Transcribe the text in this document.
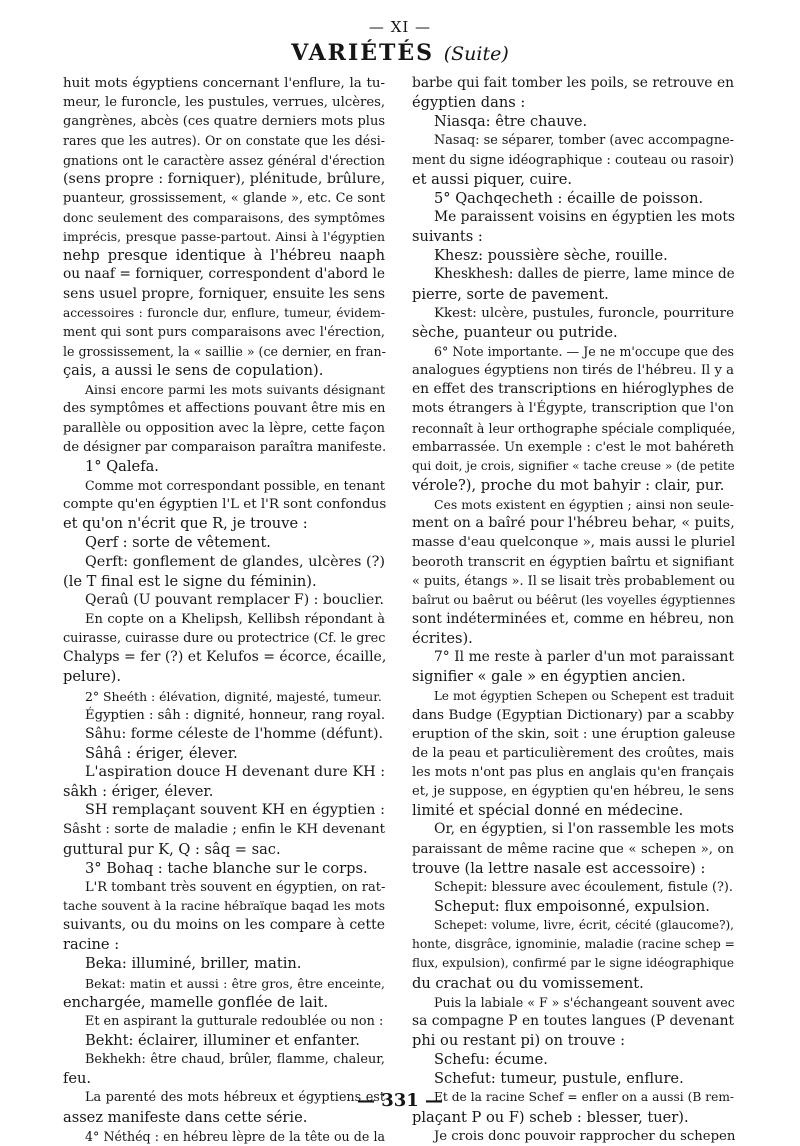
— XI —
VARIÉTÉS (Suite)
huit mots égyptiens concernant l'enflure, la tu-
meur, le furoncle, les pustules, verrues, ulcères,
gangrènes, abcès (ces quatre derniers mots plus
rares que les autres). Or on constate que les dési-
gnations ont le caractère assez général d'érection
(sens propre : forniquer), plénitude, brûlure,
puanteur, grossissement, « glande », etc. Ce sont
donc seulement des comparaisons, des symptômes
imprécis, presque passe-partout. Ainsi à l'égyptien
nehp presque identique à l'hébreu naaph
ou naaf = forniquer, correspondent d'abord le
sens usuel propre, forniquer, ensuite les sens
accessoires : furoncle dur, enflure, tumeur, évidem-
ment qui sont purs comparaisons avec l'érection,
le grossissement, la « saillie » (ce dernier, en fran-
çais, a aussi le sens de copulation).
Ainsi encore parmi les mots suivants désignant
des symptômes et affections pouvant être mis en
parallèle ou opposition avec la lèpre, cette façon
de désigner par comparaison paraîtra manifeste.
1° Qalefa.
Comme mot correspondant possible, en tenant
compte qu'en égyptien l'L et l'R sont confondus
et qu'on n'écrit que R, je trouve :
Qerf : sorte de vêtement.
Qerft: gonflement de glandes, ulcères (?)
(le T final est le signe du féminin).
Qeraû (U pouvant remplacer F) : bouclier.
En copte on a Khelipsh, Kellibsh répondant à
cuirasse, cuirasse dure ou protectrice (Cf. le grec
Chalyps = fer (?) et Kelufos = écorce, écaille,
pelure).
2° Sheéth : élévation, dignité, majesté, tumeur.
Égyptien : sâh : dignité, honneur, rang royal.
Sâhu: forme céleste de l'homme (défunt).
Sâhâ : ériger, élever.
L'aspiration douce H devenant dure KH :
sâkh : ériger, élever.
SH remplaçant souvent KH en égyptien :
Sâsht : sorte de maladie ; enfin le KH devenant
guttural pur K, Q : sâq = sac.
3° Bohaq : tache blanche sur le corps.
L'R tombant très souvent en égyptien, on rat-
tache souvent à la racine hébraïque baqad les mots
suivants, ou du moins on les compare à cette
racine :
Beka: illuminé, briller, matin.
Bekat: matin et aussi : être gros, être enceinte,
enchargée, mamelle gonflée de lait.
Et en aspirant la gutturale redoublée ou non :
Bekht: éclairer, illuminer et enfanter.
Bekhekh: être chaud, brûler, flamme, chaleur,
feu.
La parenté des mots hébreux et égyptiens est
assez manifeste dans cette série.
4° Néthéq : en hébreu lèpre de la tête ou de la
barbe qui fait tomber les poils, se retrouve en
égyptien dans :
Niasqa: être chauve.
Nasaq: se séparer, tomber (avec accompagne-
ment du signe idéographique : couteau ou rasoir)
et aussi piquer, cuire.
5° Qachqecheth : écaille de poisson.
Me paraissent voisins en égyptien les mots
suivants :
Khesz: poussière sèche, rouille.
Kheskhesh: dalles de pierre, lame mince de
pierre, sorte de pavement.
Kkest: ulcère, pustules, furoncle, pourriture
sèche, puanteur ou putride.
6° Note importante. — Je ne m'occupe que des
analogues égyptiens non tirés de l'hébreu. Il y a
en effet des transcriptions en hiéroglyphes de
mots étrangers à l'Égypte, transcription que l'on
reconnaît à leur orthographe spéciale compliquée,
embarrassée. Un exemple : c'est le mot bahéreth
qui doit, je crois, signifier « tache creuse » (de petite
vérole?), proche du mot bahyir : clair, pur.
Ces mots existent en égyptien ; ainsi non seule-
ment on a baîré pour l'hébreu behar, « puits,
masse d'eau quelconque », mais aussi le pluriel
beoroth transcrit en égyptien baîrtu et signifiant
« puits, étangs ». Il se lisait très probablement ou
baîrut ou baêrut ou béêrut (les voyelles égyptiennes
sont indéterminées et, comme en hébreu, non
écrites).
7° Il me reste à parler d'un mot paraissant
signifier « gale » en égyptien ancien.
Le mot égyptien Schepen ou Schepent est traduit
dans Budge (Egyptian Dictionary) par a scabby
eruption of the skin, soit : une éruption galeuse
de la peau et particulièrement des croûtes, mais
les mots n'ont pas plus en anglais qu'en français
et, je suppose, en égyptien qu'en hébreu, le sens
limité et spécial donné en médecine.
Or, en égyptien, si l'on rassemble les mots
paraissant de même racine que « schepen », on
trouve (la lettre nasale est accessoire) :
Schepit: blessure avec écoulement, fistule (?).
Scheput: flux empoisonné, expulsion.
Schepet: volume, livre, écrit, cécité (glaucome?),
honte, disgrâce, ignominie, maladie (racine schep =
flux, expulsion), confirmé par le signe idéographique
du crachat ou du vomissement.
Puis la labiale « F » s'échangeant souvent avec
sa compagne P en toutes langues (P devenant
phi ou restant pi) on trouve :
Schefu: écume.
Schefut: tumeur, pustule, enflure.
Et de la racine Schef = enfler on a aussi (B rem-
plaçant P ou F) scheb : blesser, tuer).
Je crois donc pouvoir rapprocher du schepen
— 331 —
